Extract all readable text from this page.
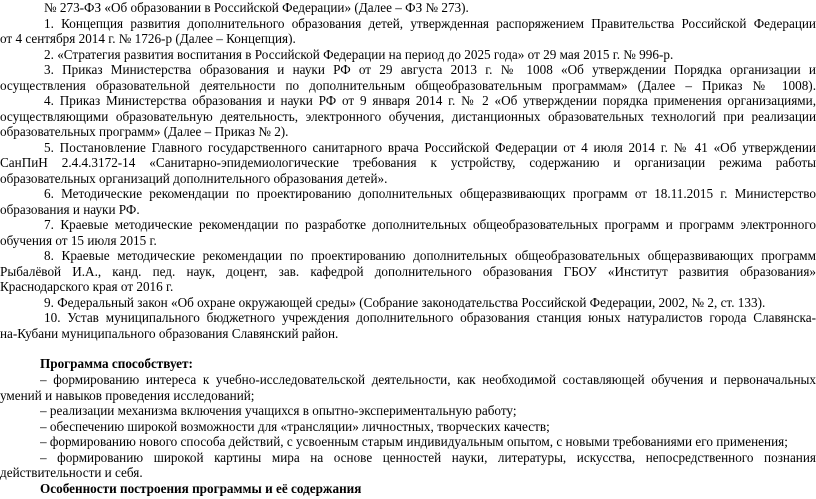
№ 273-ФЗ «Об образовании в Российской Федерации» (Далее – ФЗ № 273).
1. Концепция развития дополнительного образования детей, утвержденная распоряжением Правительства Российской Федерации
от 4 сентября 2014 г. № 1726-р (Далее – Концепция).
2. «Стратегия развития воспитания в Российской Федерации на период до 2025 года» от 29 мая 2015 г. № 996-р.
3. Приказ Министерства образования и науки РФ от 29 августа 2013 г. № 1008 «Об утверждении Порядка организации и
осуществления образовательной деятельности по дополнительным общеобразовательным программам» (Далее – Приказ № 1008).
4. Приказ Министерства образования и науки РФ от 9 января 2014 г. № 2 «Об утверждении порядка применения организациями,
осуществляющими образовательную деятельность, электронного обучения, дистанционных образовательных технологий при реализации
образовательных программ» (Далее – Приказ № 2).
5. Постановление Главного государственного санитарного врача Российской Федерации от 4 июля 2014 г. № 41 «Об утверждении
СанПиН 2.4.4.3172-14 «Санитарно-эпидемиологические требования к устройству, содержанию и организации режима работы
образовательных организаций дополнительного образования детей».
6. Методические рекомендации по проектированию дополнительных общеразвивающих программ от 18.11.2015 г. Министерство
образования и науки РФ.
7. Краевые методические рекомендации по разработке дополнительных общеобразовательных программ и программ электронного
обучения от 15 июля 2015 г.
8. Краевые методические рекомендации по проектированию дополнительных общеобразовательных общеразвивающих программ
Рыбалёвой И.А., канд. пед. наук, доцент, зав. кафедрой дополнительного образования ГБОУ «Институт развития образования»
Краснодарского края от 2016 г.
9. Федеральный закон «Об охране окружающей среды» (Собрание законодательства Российской Федерации, 2002, № 2, ст. 133).
10. Устав муниципального бюджетного учреждения дополнительного образования станция юных натуралистов города Славянска-
на-Кубани муниципального образования Славянский район.
Программа способствует:
– формированию интереса к учебно-исследовательской деятельности, как необходимой составляющей обучения и первоначальных
умений и навыков проведения исследований;
– реализации механизма включения учащихся в опытно-экспериментальную работу;
– обеспечению широкой возможности для «трансляции» личностных, творческих качеств;
– формированию нового способа действий, с усвоенным старым индивидуальным опытом, с новыми требованиями его применения;
– формированию широкой картины мира на основе ценностей науки, литературы, искусства, непосредственного познания
действительности и себя.
Особенности построения программы и её содержания
